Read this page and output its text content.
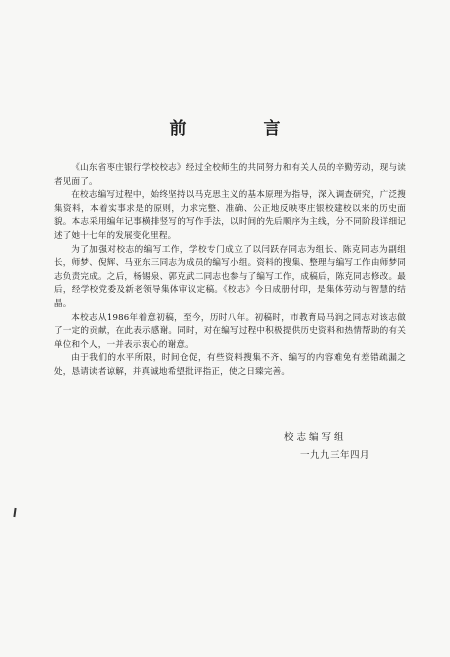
前　言

《山东省枣庄银行学校校志》经过全校师生的共同努力和有关人员的辛勤劳动，现与读者见面了。

在校志编写过程中，始终坚持以马克思主义的基本原理为指导，深入调查研究，广泛搜集资料，本着实事求是的原则，力求完整、准确、公正地反映枣庄银校建校以来的历史面貌。本志采用编年记事横排竖写的写作手法，以时间的先后顺序为主线，分不同阶段详细记述了她十七年的发展变化里程。

为了加强对校志的编写工作，学校专门成立了以闫跃存同志为组长、陈克同志为副组长，师梦、倪辉、马亚东三同志为成员的编写小组。资料的搜集、整理与编写工作由师梦同志负责完成。之后，杨锡泉、郭克武二同志也参与了编写工作，成稿后，陈克同志修改。最后，经学校党委及新老领导集体审议定稿。《校志》今日成册付印，是集体劳动与智慧的结晶。

本校志从1986年着意初稿，至今，历时八年。初稿时，市教育局马润之同志对该志做了一定的贡献，在此表示感谢。同时，对在编写过程中积极提供历史资料和热情帮助的有关单位和个人，一并表示衷心的谢意。

由于我们的水平所限，时间仓促，有些资料搜集不齐、编写的内容难免有差错疏漏之处，恳请读者谅解，并真诚地希望批评指正，使之日臻完善。

校志编写组
一九九三年四月
